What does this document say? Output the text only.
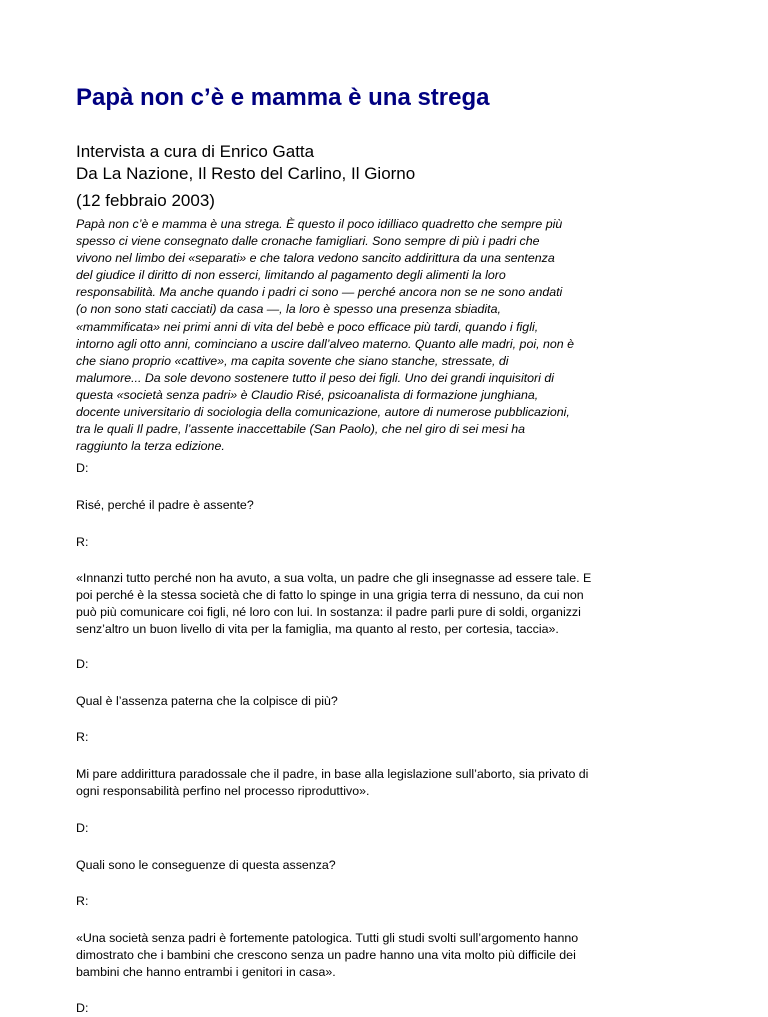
Papà non c’è e mamma è una strega
Intervista a cura di Enrico Gatta
Da La Nazione, Il Resto del Carlino, Il Giorno
(12 febbraio 2003)

Papà non c’è e mamma è una strega. È questo il poco idilliaco quadretto che sempre più spesso ci viene consegnato dalle cronache famigliari. Sono sempre di più i padri che vivono nel limbo dei «separati» e che talora vedono sancito addirittura da una sentenza del giudice il diritto di non esserci, limitando al pagamento degli alimenti la loro responsabilità. Ma anche quando i padri ci sono — perché ancora non se ne sono andati (o non sono stati cacciati) da casa —, la loro è spesso una presenza sbiadita, «mammificata» nei primi anni di vita del bebè e poco efficace più tardi, quando i figli, intorno agli otto anni, cominciano a uscire dall’alveo materno. Quanto alle madri, poi, non è che siano proprio «cattive», ma capita sovente che siano stanche, stressate, di malumore... Da sole devono sostenere tutto il peso dei figli. Uno dei grandi inquisitori di questa «società senza padri» è Claudio Risé, psicoanalista di formazione junghiana, docente universitario di sociologia della comunicazione, autore di numerose pubblicazioni, tra le quali Il padre, l’assente inaccettabile (San Paolo), che nel giro di sei mesi ha raggiunto la terza edizione.

D:

Risé, perché il padre è assente?

R:

«Innanzi tutto perché non ha avuto, a sua volta, un padre che gli insegnasse ad essere tale. E poi perché è la stessa società che di fatto lo spinge in una grigia terra di nessuno, da cui non può più comunicare coi figli, né loro con lui. In sostanza: il padre parli pure di soldi, organizzi senz’altro un buon livello di vita per la famiglia, ma quanto al resto, per cortesia, taccia».

D:

Qual è l’assenza paterna che la colpisce di più?

R:

Mi pare addirittura paradossale che il padre, in base alla legislazione sull’aborto, sia privato di ogni responsabilità perfino nel processo riproduttivo».

D:

Quali sono le conseguenze di questa assenza?

R:

«Una società senza padri è fortemente patologica. Tutti gli studi svolti sull’argomento hanno dimostrato che i bambini che crescono senza un padre hanno una vita molto più difficile dei bambini che hanno entrambi i genitori in casa».

D:
